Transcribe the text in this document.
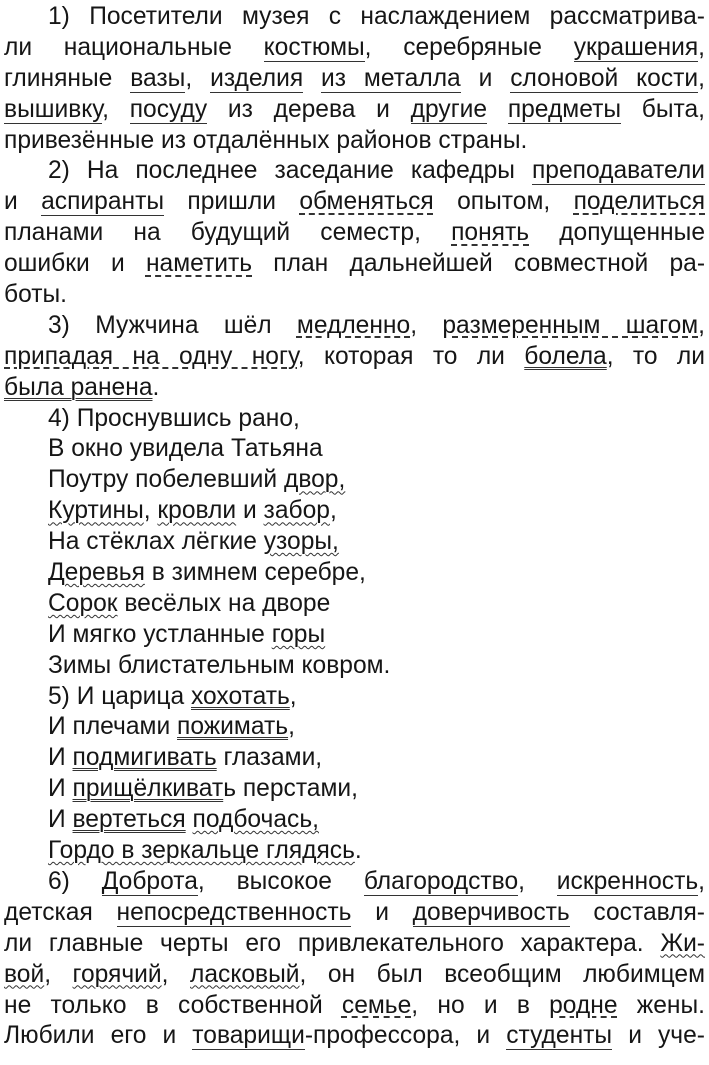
1) Посетители музея с наслаждением рассматрива-
ли национальные костюмы, серебряные украшения,
глиняные вазы, изделия из металла и слоновой кости,
вышивку, посуду из дерева и другие предметы быта,
привезённые из отдалённых районов страны.
2) На последнее заседание кафедры преподаватели
и аспиранты пришли обменяться опытом, поделиться
планами на будущий семестр, понять допущенные
ошибки и наметить план дальнейшей совместной ра-
боты.
3) Мужчина шёл медленно, размеренным шагом,
припадая на одну ногу, которая то ли болела, то ли
была ранена.
4) Проснувшись рано,
В окно увидела Татьяна
Поутру побелевший двор,
Куртины, кровли и забор,
На стёклах лёгкие узоры,
Деревья в зимнем серебре,
Сорок весёлых на дворе
И мягко устланные горы
Зимы блистательным ковром.
5) И царица хохотать,
И плечами пожимать,
И подмигивать глазами,
И прищёлкивать перстами,
И вертеться подбочась,
Гордо в зеркальце глядясь.
6) Доброта, высокое благородство, искренность,
детская непосредственность и доверчивость составля-
ли главные черты его привлекательного характера. Жи-
вой, горячий, ласковый, он был всеобщим любимцем
не только в собственной семье, но и в родне жены.
Любили его и товарищи-профессора, и студенты и уче-
